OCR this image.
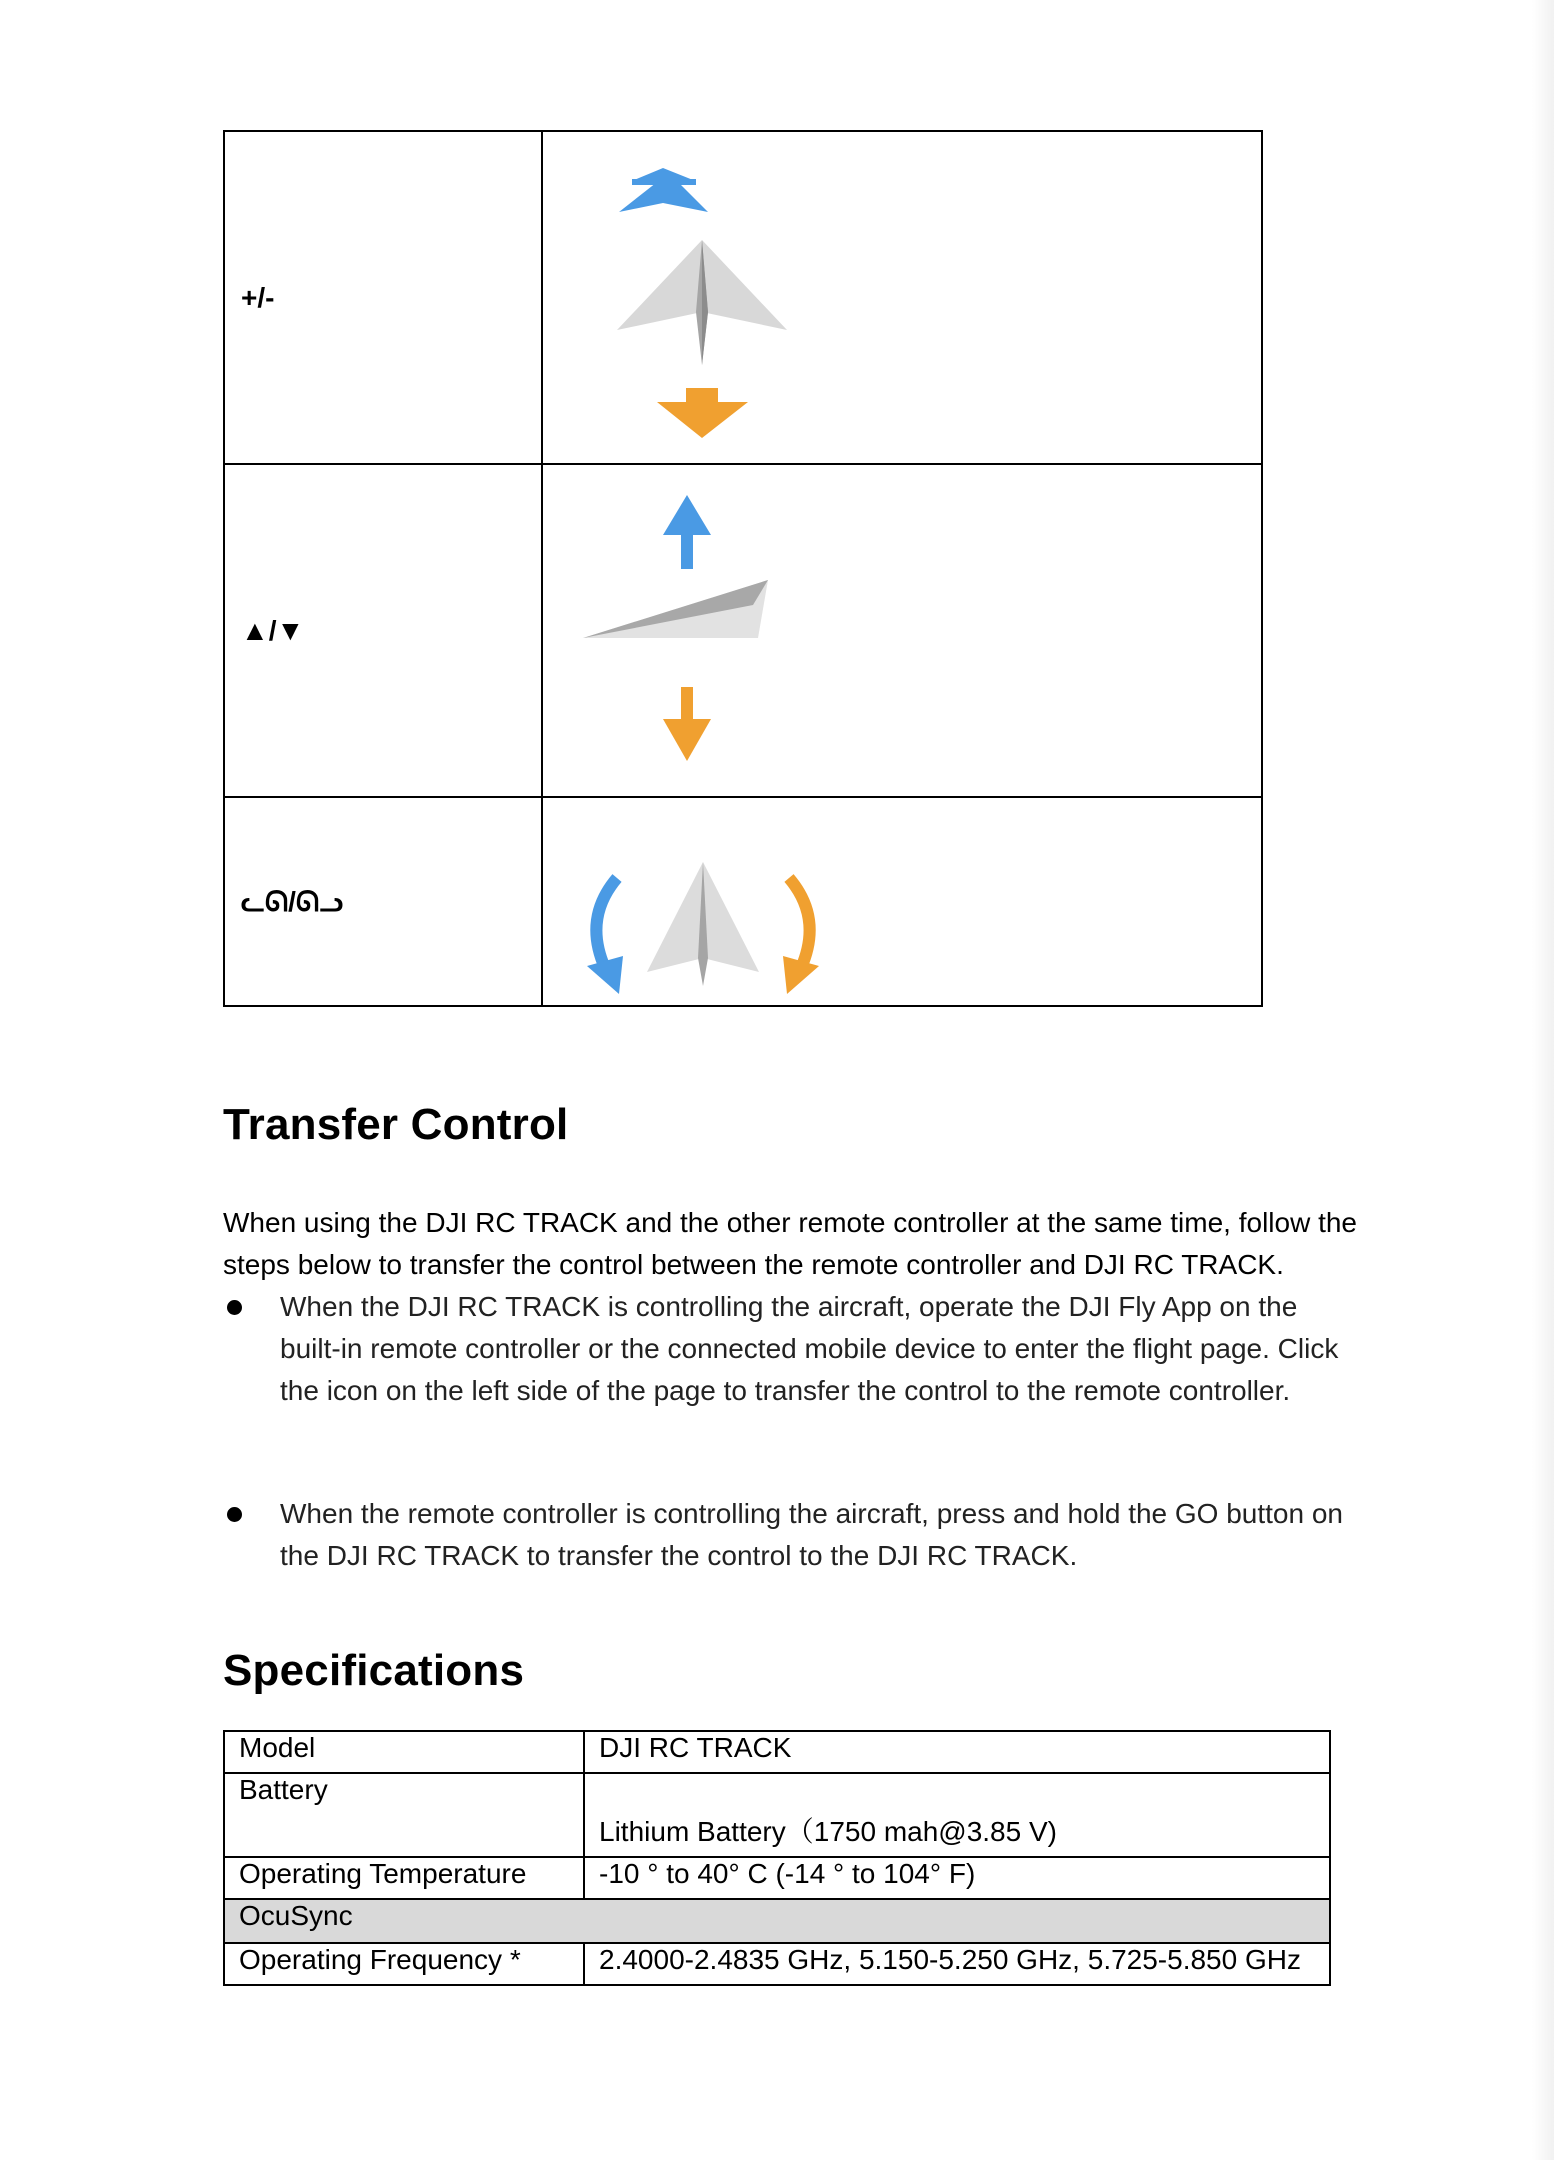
+/-	

▲/▼	

ᓚᘏ/ᘏᓗ	
Transfer Control

When using the DJI RC TRACK and the other remote controller at the same time, follow the steps below to transfer the control between the remote controller and DJI RC TRACK.

When the DJI RC TRACK is controlling the aircraft, operate the DJI Fly App on the built-in remote controller or the connected mobile device to enter the flight page. Click the icon on the left side of the page to transfer the control to the remote controller.
When the remote controller is controlling the aircraft, press and hold the GO button on the DJI RC TRACK to transfer the control to the DJI RC TRACK.
Specifications
Model	DJI RC TRACK
Battery	Lithium Battery（1750 mah@3.85 V)
Operating Temperature	-10 ° to 40° C (-14 ° to 104° F)
OcuSync	
Operating Frequency *	2.4000-2.4835 GHz, 5.150-5.250 GHz, 5.725-5.850 GHz
